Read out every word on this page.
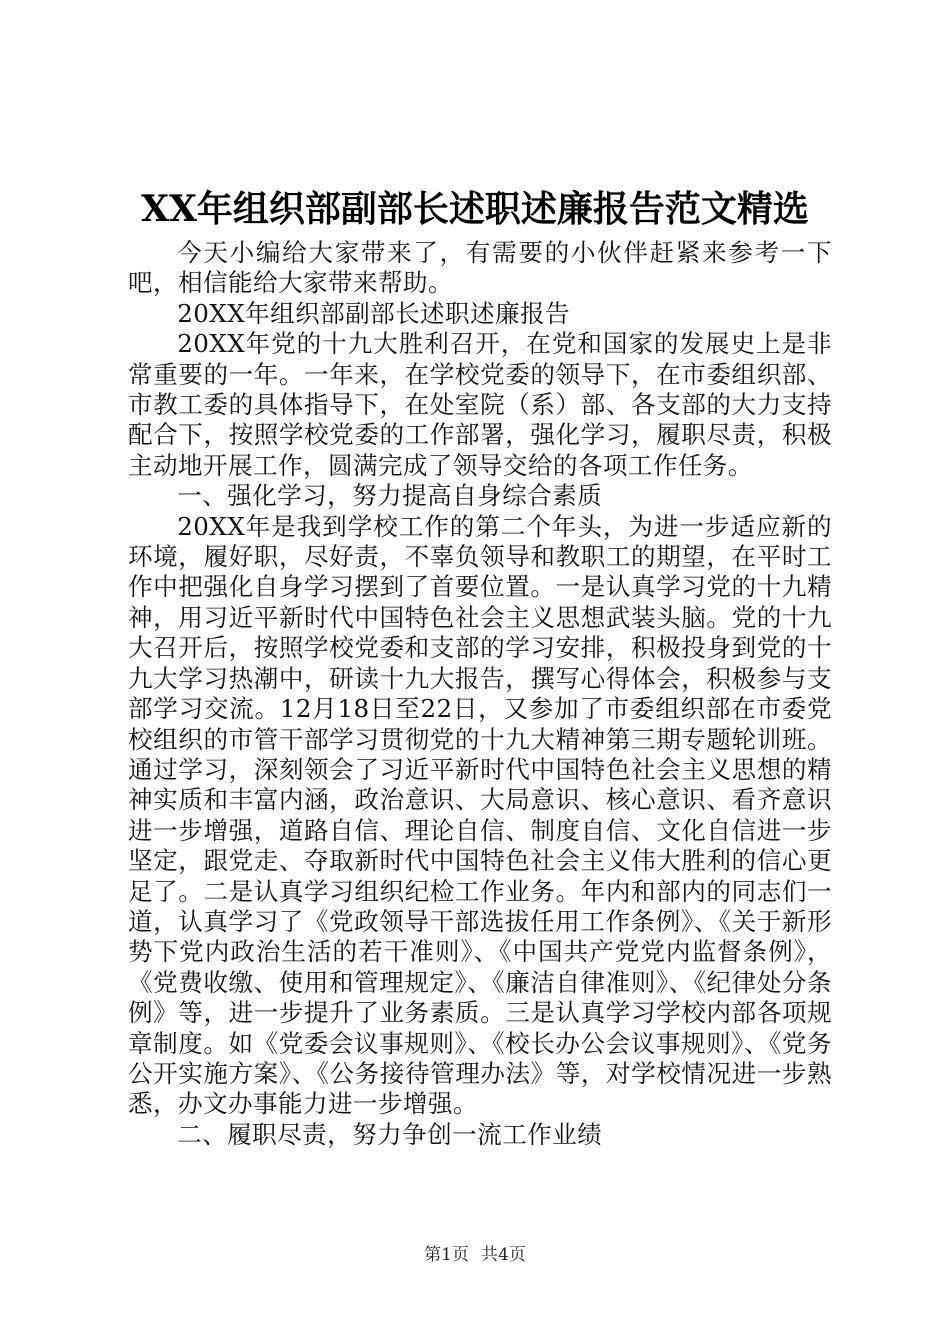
XX年组织部副部长述职述廉报告范文精选

今天小编给大家带来了，有需要的小伙伴赶紧来参考一下吧，相信能给大家带来帮助。

20XX年组织部副部长述职述廉报告

20XX年党的十九大胜利召开，在党和国家的发展史上是非常重要的一年。一年来，在学校党委的领导下，在市委组织部、市教工委的具体指导下，在处室院（系）部、各支部的大力支持配合下，按照学校党委的工作部署，强化学习，履职尽责，积极主动地开展工作，圆满完成了领导交给的各项工作任务。

一、强化学习，努力提高自身综合素质

20XX年是我到学校工作的第二个年头，为进一步适应新的环境，履好职，尽好责，不辜负领导和教职工的期望，在平时工作中把强化自身学习摆到了首要位置。一是认真学习党的十九精神，用习近平新时代中国特色社会主义思想武装头脑。党的十九大召开后，按照学校党委和支部的学习安排，积极投身到党的十九大学习热潮中，研读十九大报告，撰写心得体会，积极参与支部学习交流。12月18日至22日，又参加了市委组织部在市委党校组织的市管干部学习贯彻党的十九大精神第三期专题轮训班。通过学习，深刻领会了习近平新时代中国特色社会主义思想的精神实质和丰富内涵，政治意识、大局意识、核心意识、看齐意识进一步增强，道路自信、理论自信、制度自信、文化自信进一步坚定，跟党走、夺取新时代中国特色社会主义伟大胜利的信心更足了。二是认真学习组织纪检工作业务。年内和部内的同志们一道，认真学习了《党政领导干部选拔任用工作条例》、《关于新形势下党内政治生活的若干准则》、《中国共产党党内监督条例》，《党费收缴、使用和管理规定》、《廉洁自律准则》、《纪律处分条例》等，进一步提升了业务素质。三是认真学习学校内部各项规章制度。如《党委会议事规则》、《校长办公会议事规则》、《党务公开实施方案》、《公务接待管理办法》等，对学校情况进一步熟悉，办文办事能力进一步增强。

二、履职尽责，努力争创一流工作业绩

第1页 共4页
